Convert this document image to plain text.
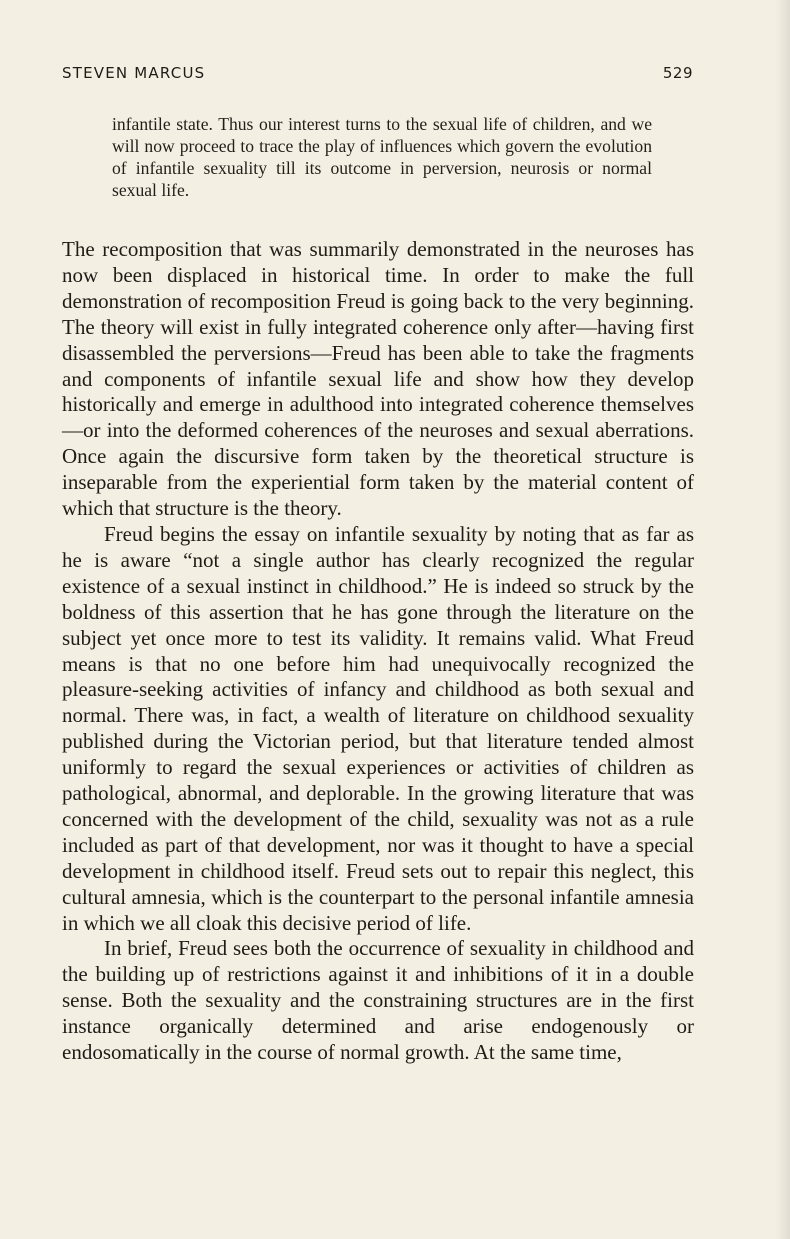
STEVEN MARCUS	529

infantile state. Thus our interest turns to the sexual life of children, and we will now proceed to trace the play of influences which govern the evolution of infantile sexuality till its outcome in perversion, neurosis or normal sexual life.

The recomposition that was summarily demonstrated in the neuroses has now been displaced in historical time. In order to make the full demonstration of recomposition Freud is going back to the very beginning. The theory will exist in fully integrated coherence only after—having first disassembled the perversions—Freud has been able to take the fragments and components of infantile sexual life and show how they develop historically and emerge in adulthood into integrated coherence themselves—or into the deformed coherences of the neuroses and sexual aberrations. Once again the discursive form taken by the theoretical structure is inseparable from the experiential form taken by the material content of which that structure is the theory.

Freud begins the essay on infantile sexuality by noting that as far as he is aware “not a single author has clearly recognized the regular existence of a sexual instinct in childhood.” He is indeed so struck by the boldness of this assertion that he has gone through the literature on the subject yet once more to test its validity. It remains valid. What Freud means is that no one before him had unequivocally recognized the pleasure-seeking activities of infancy and childhood as both sexual and normal. There was, in fact, a wealth of literature on childhood sexuality published during the Victorian period, but that literature tended almost uniformly to regard the sexual experiences or activities of children as pathological, abnormal, and deplorable. In the growing literature that was concerned with the development of the child, sexuality was not as a rule included as part of that development, nor was it thought to have a special development in childhood itself. Freud sets out to repair this neglect, this cultural amnesia, which is the counterpart to the personal infantile amnesia in which we all cloak this decisive period of life.

In brief, Freud sees both the occurrence of sexuality in childhood and the building up of restrictions against it and inhibitions of it in a double sense. Both the sexuality and the constraining structures are in the first instance organically determined and arise endogenously or endosomatically in the course of normal growth. At the same time,
